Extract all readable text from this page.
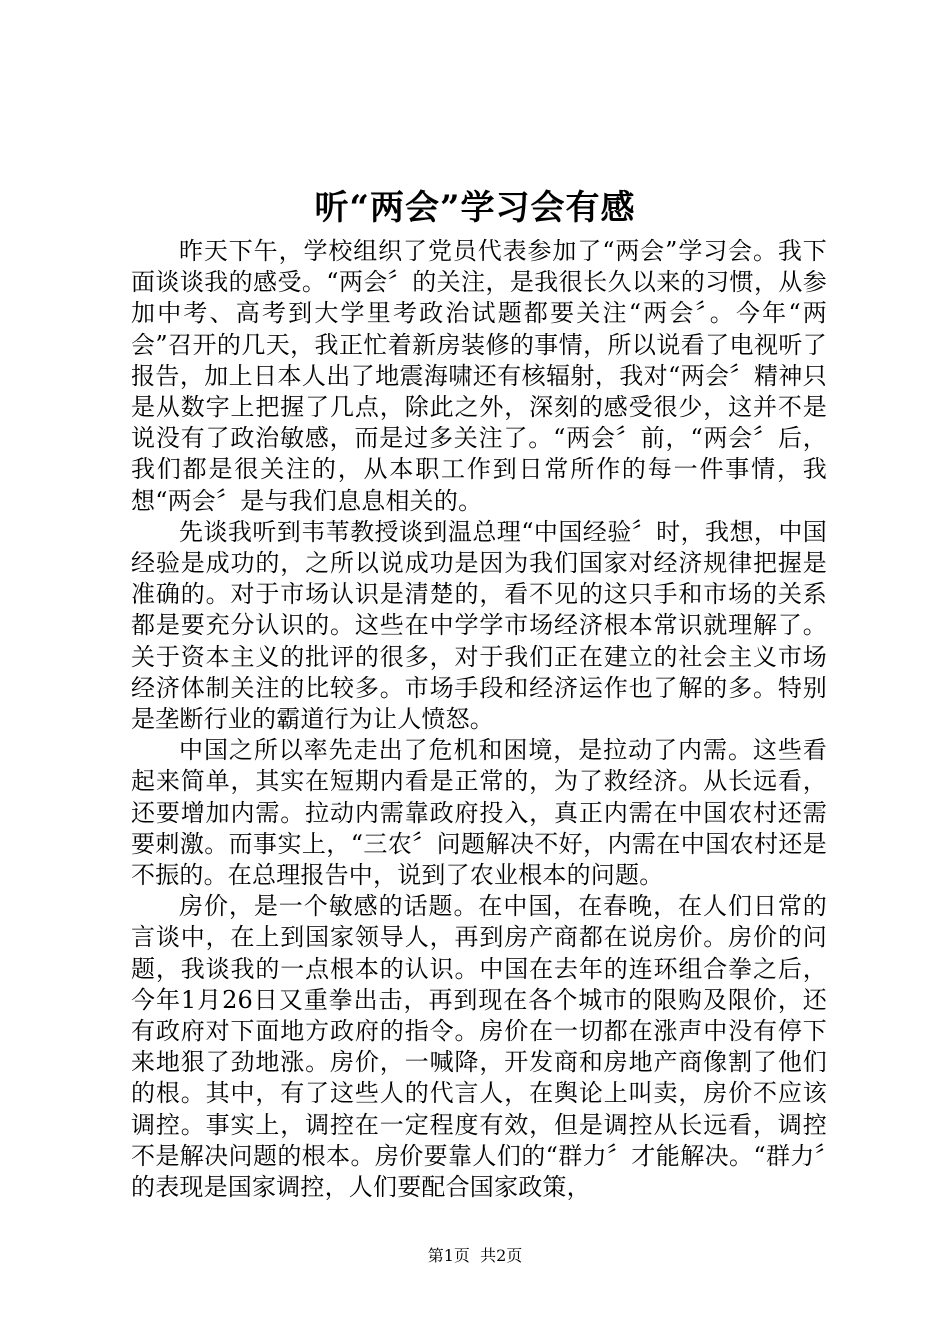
听“两会”学习会有感

昨天下午，学校组织了党员代表参加了“两会”学习会。我下面谈谈我的感受。“两会〞的关注，是我很长久以来的习惯，从参加中考、高考到大学里考政治试题都要关注“两会〞。今年“两会”召开的几天，我正忙着新房装修的事情，所以说看了电视听了报告，加上日本人出了地震海啸还有核辐射，我对“两会〞精神只是从数字上把握了几点，除此之外，深刻的感受很少，这并不是说没有了政治敏感，而是过多关注了。“两会〞前，“两会〞后，我们都是很关注的，从本职工作到日常所作的每一件事情，我想“两会〞是与我们息息相关的。

先谈我听到韦苇教授谈到温总理“中国经验〞时，我想，中国经验是成功的，之所以说成功是因为我们国家对经济规律把握是准确的。对于市场认识是清楚的，看不见的这只手和市场的关系都是要充分认识的。这些在中学学市场经济根本常识就理解了。关于资本主义的批评的很多，对于我们正在建立的社会主义市场经济体制关注的比较多。市场手段和经济运作也了解的多。特别是垄断行业的霸道行为让人愤怒。

中国之所以率先走出了危机和困境，是拉动了内需。这些看起来简单，其实在短期内看是正常的，为了救经济。从长远看，还要增加内需。拉动内需靠政府投入，真正内需在中国农村还需要刺激。而事实上，“三农〞问题解决不好，内需在中国农村还是不振的。在总理报告中，说到了农业根本的问题。

房价，是一个敏感的话题。在中国，在春晚，在人们日常的言谈中，在上到国家领导人，再到房产商都在说房价。房价的问题，我谈我的一点根本的认识。中国在去年的连环组合拳之后，今年1月26日又重拳出击，再到现在各个城市的限购及限价，还有政府对下面地方政府的指令。房价在一切都在涨声中没有停下来地狠了劲地涨。房价，一喊降，开发商和房地产商像割了他们的根。其中，有了这些人的代言人，在舆论上叫卖，房价不应该调控。事实上，调控在一定程度有效，但是调控从长远看，调控不是解决问题的根本。房价要靠人们的“群力〞才能解决。“群力〞的表现是国家调控，人们要配合国家政策，

第1页 共2页
